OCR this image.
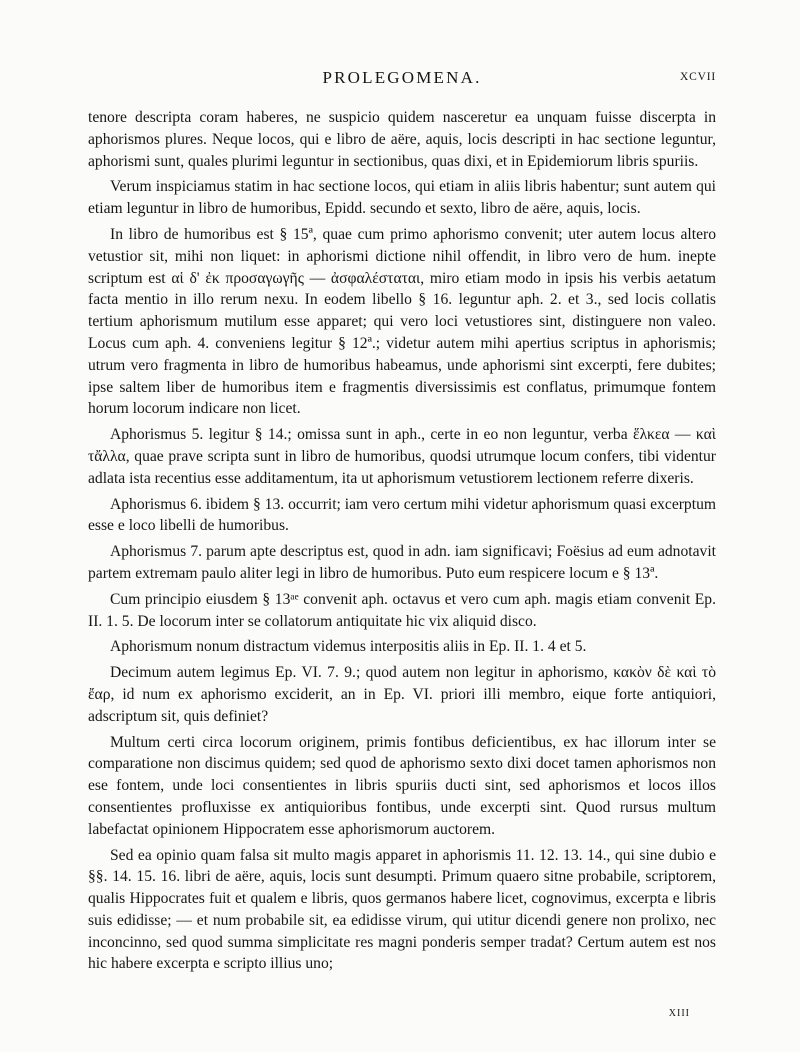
PROLEGOMENA.	XCVII

tenore descripta coram haberes, ne suspicio quidem nasceretur ea unquam fuisse discerpta in aphorismos plures. Neque locos, qui e libro de aëre, aquis, locis descripti in hac sectione leguntur, aphorismi sunt, quales plurimi leguntur in sectionibus, quas dixi, et in Epidemiorum libris spuriis.

Verum inspiciamus statim in hac sectione locos, qui etiam in aliis libris habentur; sunt autem qui etiam leguntur in libro de humoribus, Epidd. secundo et sexto, libro de aëre, aquis, locis.

In libro de humoribus est § 15ª, quae cum primo aphorismo convenit; uter autem locus altero vetustior sit, mihi non liquet: in aphorismi dictione nihil offendit, in libro vero de hum. inepte scriptum est αἱ δ' ἐκ προσαγωγῆς — ἀσφαλέσταται, miro etiam modo in ipsis his verbis aetatum facta mentio in illo rerum nexu. In eodem libello § 16. leguntur aph. 2. et 3., sed locis collatis tertium aphorismum mutilum esse apparet; qui vero loci vetustiores sint, distinguere non valeo. Locus cum aph. 4. conveniens legitur § 12ª.; videtur autem mihi apertius scriptus in aphorismis; utrum vero fragmenta in libro de humoribus habeamus, unde aphorismi sint excerpti, fere dubites; ipse saltem liber de humoribus item e fragmentis diversissimis est conflatus, primumque fontem horum locorum indicare non licet.

Aphorismus 5. legitur § 14.; omissa sunt in aph., certe in eo non leguntur, verba ἕλκεα — καὶ τἄλλα, quae prave scripta sunt in libro de humoribus, quodsi utrumque locum confers, tibi videntur adlata ista recentius esse additamentum, ita ut aphorismum vetustiorem lectionem referre dixeris.

Aphorismus 6. ibidem § 13. occurrit; iam vero certum mihi videtur aphorismum quasi excerptum esse e loco libelli de humoribus.

Aphorismus 7. parum apte descriptus est, quod in adn. iam significavi; Foësius ad eum adnotavit partem extremam paulo aliter legi in libro de humoribus. Puto eum respicere locum e § 13ª.

Cum principio eiusdem § 13ᵃᵉ convenit aph. octavus et vero cum aph. magis etiam convenit Ep. II. 1. 5. De locorum inter se collatorum antiquitate hic vix aliquid disco.

Aphorismum nonum distractum videmus interpositis aliis in Ep. II. 1. 4 et 5.

Decimum autem legimus Ep. VI. 7. 9.; quod autem non legitur in aphorismo, κακὸν δὲ καὶ τὸ ἔαρ, id num ex aphorismo exciderit, an in Ep. VI. priori illi membro, eique forte antiquiori, adscriptum sit, quis definiet?

Multum certi circa locorum originem, primis fontibus deficientibus, ex hac illorum inter se comparatione non discimus quidem; sed quod de aphorismo sexto dixi docet tamen aphorismos non ese fontem, unde loci consentientes in libris spuriis ducti sint, sed aphorismos et locos illos consentientes profluxisse ex antiquioribus fontibus, unde excerpti sint. Quod rursus multum labefactat opinionem Hippocratem esse aphorismorum auctorem.

Sed ea opinio quam falsa sit multo magis apparet in aphorismis 11. 12. 13. 14., qui sine dubio e §§. 14. 15. 16. libri de aëre, aquis, locis sunt desumpti. Primum quaero sitne probabile, scriptorem, qualis Hippocrates fuit et qualem e libris, quos germanos habere licet, cognovimus, excerpta e libris suis edidisse; — et num probabile sit, ea edidisse virum, qui utitur dicendi genere non prolixo, nec inconcinno, sed quod summa simplicitate res magni ponderis semper tradat? Certum autem est nos hic habere excerpta e scripto illius uno;

XIII
